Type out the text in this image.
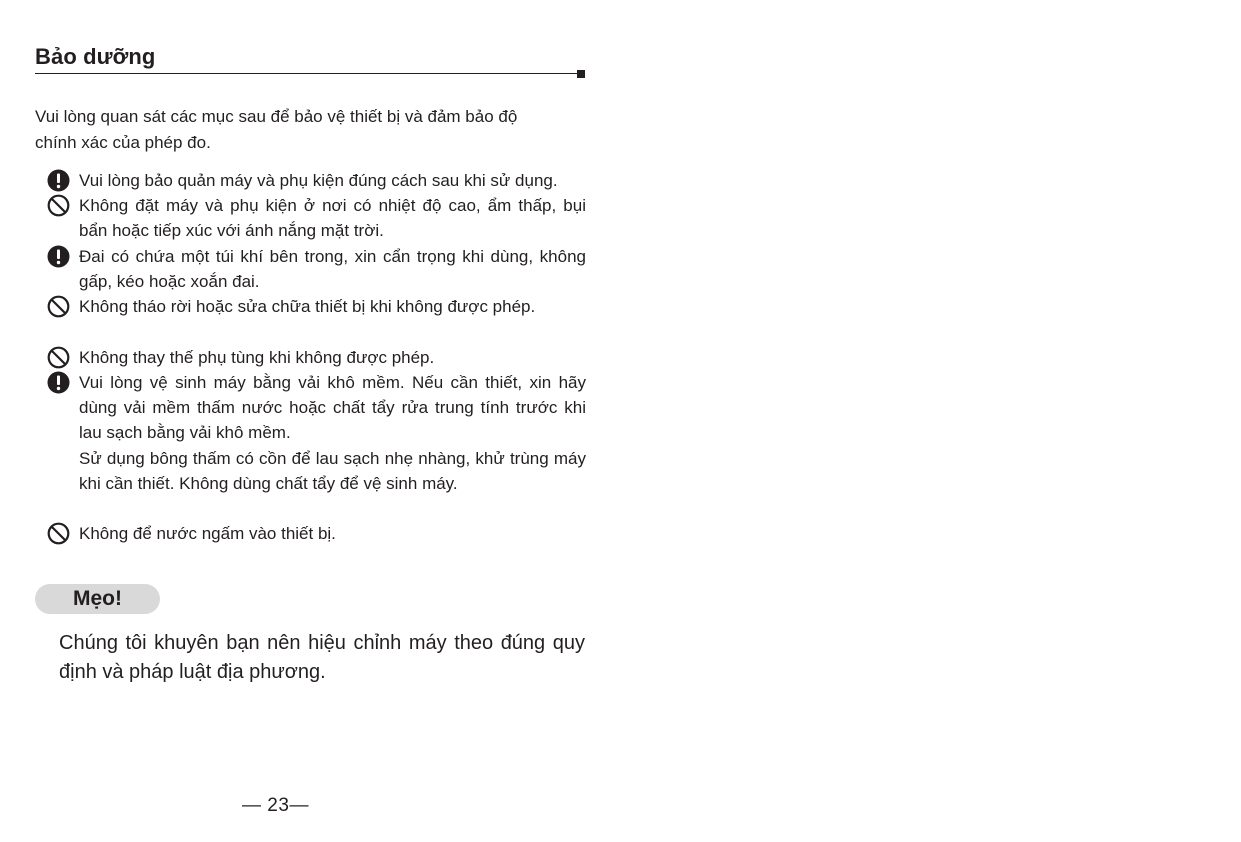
Bảo dưỡng

Vui lòng quan sát các mục sau để bảo vệ thiết bị và đảm bảo độ

chính xác của phép đo.

Vui lòng bảo quản máy và phụ kiện đúng cách sau khi sử dụng.

Không đặt máy và phụ kiện ở nơi có nhiệt độ cao, ẩm thấp, bụi bẩn hoặc tiếp xúc với ánh nắng mặt trời.

Đai có chứa một túi khí bên trong, xin cẩn trọng khi dùng, không gấp, kéo hoặc xoắn đai.

Không tháo rời hoặc sửa chữa thiết bị khi không được phép.

Không thay thế phụ tùng khi không được phép.

Vui lòng vệ sinh máy bằng vải khô mềm. Nếu cần thiết, xin hãy dùng vải mềm thấm nước hoặc chất tẩy rửa trung tính trước khi lau sạch bằng vải khô mềm.

Sử dụng bông thấm có cồn để lau sạch nhẹ nhàng, khử trùng máy khi cần thiết. Không dùng chất tẩy để vệ sinh máy.

Không để nước ngấm vào thiết bị.

Mẹo!

Chúng tôi khuyên bạn nên hiệu chỉnh máy theo đúng quy định và pháp luật địa phương.

— 23—
